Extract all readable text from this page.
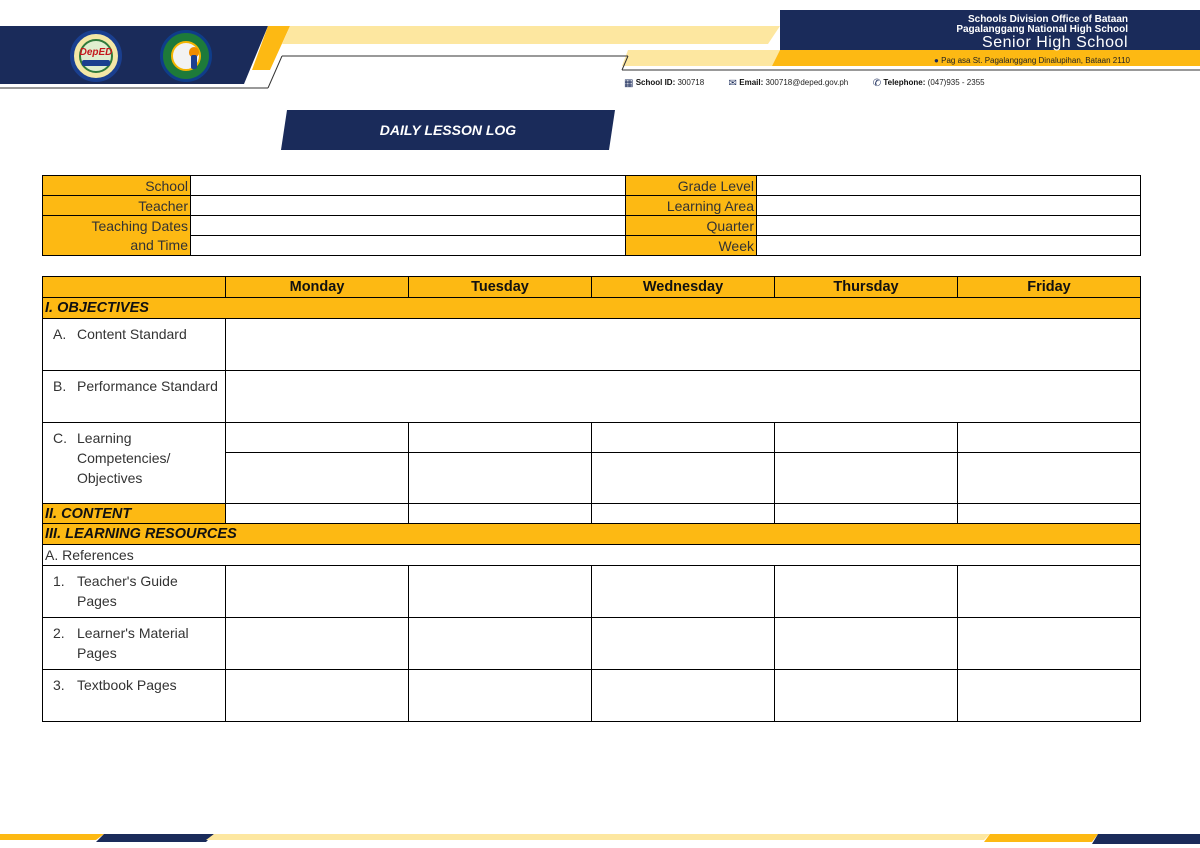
DepED
Schools Division Office of Bataan
Pagalanggang National High School
Senior High School
● Pag asa St. Pagalanggang Dinalupihan, Bataan 2110
▦ School ID: 300718 ✉ Email: 300718@deped.gov.ph ✆ Telephone: (047)935 - 2355
DAILY LESSON LOG
School		Grade Level	
Teacher		Learning Area	
Teaching Dates		Quarter	
and Time		Week	
	Monday	Tuesday	Wednesday	Thursday	Friday
I. OBJECTIVES					
A. Content Standard					
B. Performance Standard					
C. Learning Competencies/ Objectives					

II. CONTENT					
III. LEARNING RESOURCES					
A. References					
1. Teacher's Guide Pages					
2. Learner's Material Pages					
3. Textbook Pages					
